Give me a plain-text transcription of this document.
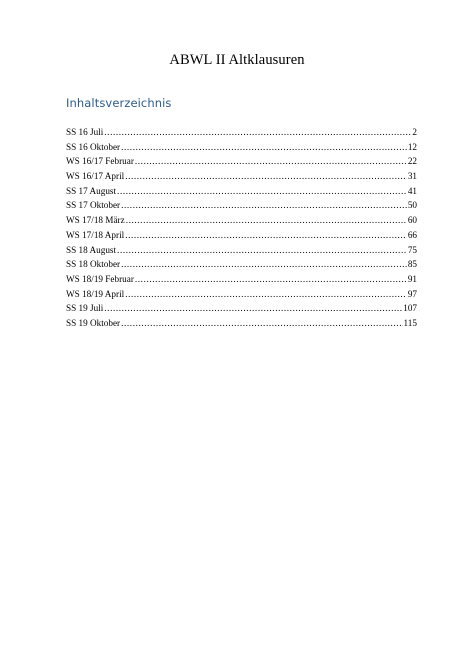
ABWL II Altklausuren
Inhaltsverzeichnis
SS 16 Juli .....	2
SS 16 Oktober .....	12
WS 16/17 Februar .....	22
WS 16/17 April .....	31
SS 17 August .....	41
SS 17 Oktober .....	50
WS 17/18 März .....	60
WS 17/18 April .....	66
SS 18 August .....	75
SS 18 Oktober .....	85
WS 18/19 Februar .....	91
WS 18/19 April .....	97
SS 19 Juli .....	107
SS 19 Oktober .....	115
